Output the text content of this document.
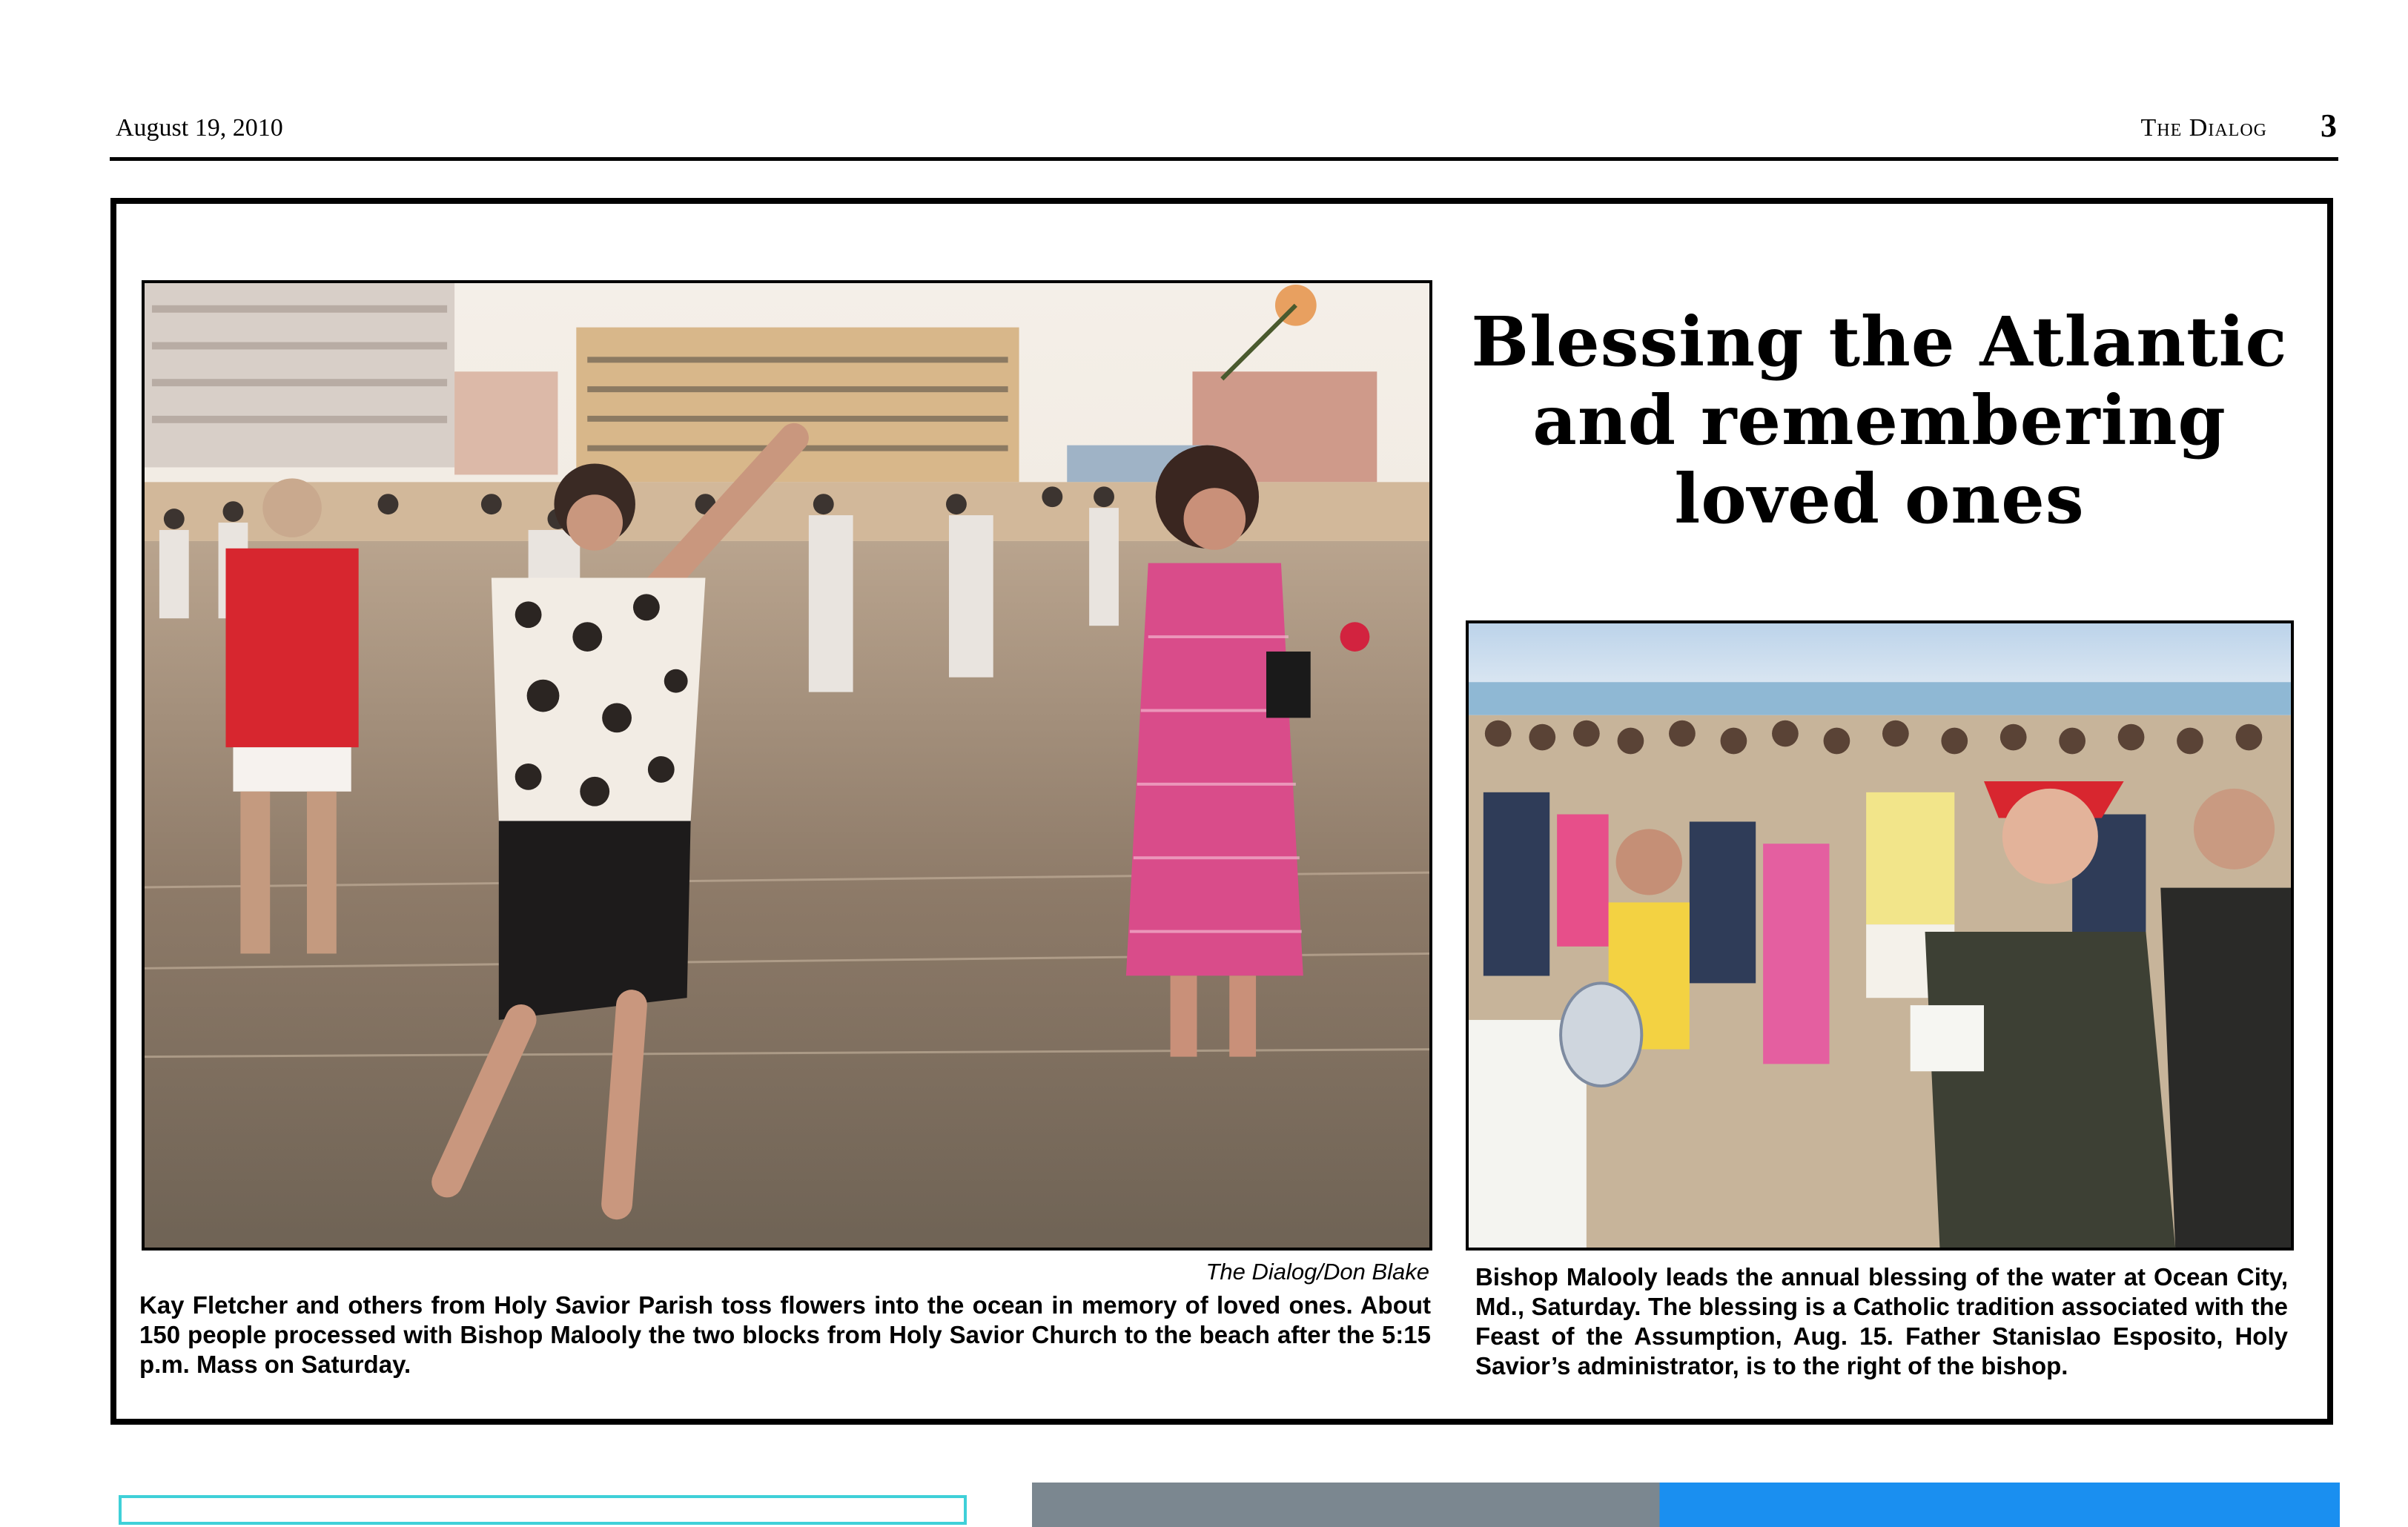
August 19, 2010	The Dialog 3
The Dialog/Don Blake
Kay Fletcher and others from Holy Savior Parish toss flowers into the ocean in memory of loved ones. About 150 people processed with Bishop Malooly the two blocks from Holy Savior Church to the beach after the 5:15 p.m. Mass on Saturday.
Blessing the Atlantic
and remembering
loved ones
Bishop Malooly leads the annual blessing of the water at Ocean City, Md., Saturday. The blessing is a Catholic tradition associated with the Feast of the Assumption, Aug. 15. Father Stanislao Esposito, Holy Savior’s administrator, is to the right of the bishop.
